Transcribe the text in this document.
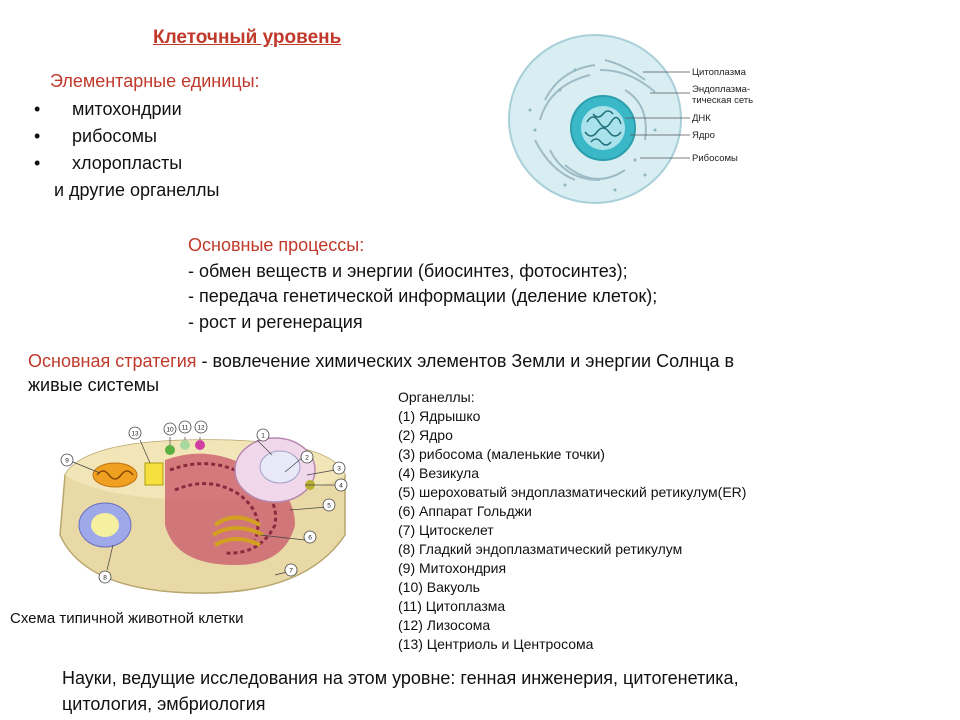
Клеточный уровень
Элементарные единицы:
• митохондрии
• рибосомы
• хлоропласты
и другие органеллы
Цитоплазма
Эндоплазма-
тическая сеть
ДНК
Ядро
Рибосомы
Основные процессы:
- обмен веществ и энергии (биосинтез, фотосинтез);
- передача генетической информации (деление клеток);
- рост и регенерация
Основная стратегия - вовлечение химических элементов Земли и энергии Солнца в
живые системы
1
3
2
4
5
6
7
8
9
10 11 12
13
Схема типичной животной клетки
Органеллы:
(1) Ядрышко
(2) Ядро
(3) рибосома (маленькие точки)
(4) Везикула
(5) шероховатый эндоплазматический ретикулум(ER)
(6) Аппарат Гольджи
(7) Цитоскелет
(8) Гладкий эндоплазматический ретикулум
(9) Митохондрия
(10) Вакуоль
(11) Цитоплазма
(12) Лизосома
(13) Центриоль и Центросома
Науки, ведущие исследования на этом уровне: генная инженерия, цитогенетика,
цитология, эмбриология
